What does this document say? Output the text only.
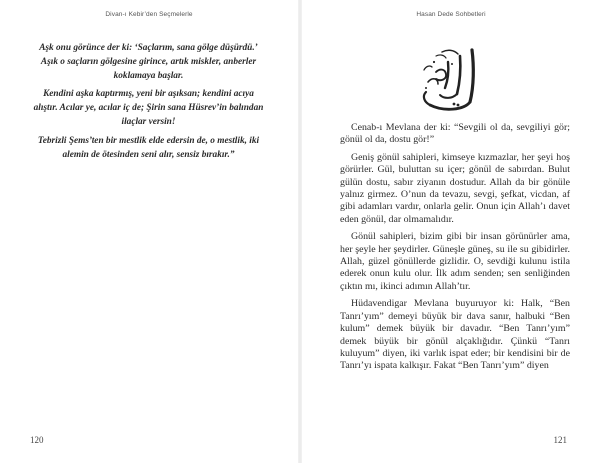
Divan-ı Kebir’den Seçmelerle

Aşk onu görünce der ki: ‘Saçlarım, sana gölge düşürdü.’ Aşık o saçların gölgesine girince, artık miskler, anberler koklamaya başlar.

Kendini aşka kaptırmış, yeni bir aşıksan; kendini acıya alıştır. Acılar ye, acılar iç de; Şirin sana Hüsrev’in balından ilaçlar versin!

Tebrizli Şems’ten bir mestlik elde edersin de, o mestlik, iki alemin de ötesinden seni alır, sensiz bırakır.”

120
Hasan Dede Sohbetleri

Cenab-ı Mevlana der ki: “Sevgili ol da, sevgiliyi gör; gönül ol da, dostu gör!”

Geniş gönül sahipleri, kimseye kızmazlar, her şeyi hoş görürler. Gül, buluttan su içer; gönül de sabırdan. Bulut gülün dostu, sabır ziyanın dostudur. Allah da bir gönüle yalnız girmez. O’nun da tevazu, sevgi, şefkat, vicdan, af gibi adamları vardır, onlarla gelir. Onun için Allah’ı davet eden gönül, dar olmamalıdır.

Gönül sahipleri, bizim gibi bir insan görünürler ama, her şeyle her şeydirler. Güneşle güneş, su ile su gibidirler. Allah, güzel gönüllerde gizlidir. O, sevdiği kulunu istila ederek onun kulu olur. İlk adım senden; sen senliğinden çıktın mı, ikinci adımın Allah’tır.

Hüdavendigar Mevlana buyuruyor ki: Halk, “Ben Tanrı’yım” demeyi büyük bir dava sanır, halbuki “Ben kulum” demek büyük bir davadır. “Ben Tanrı’yım” demek büyük bir gönül alçaklığıdır. Çünkü “Tanrı kuluyum” diyen, iki varlık ispat eder; bir kendisini bir de Tanrı’yı ispata kalkışır. Fakat “Ben Tanrı’yım” diyen

121
